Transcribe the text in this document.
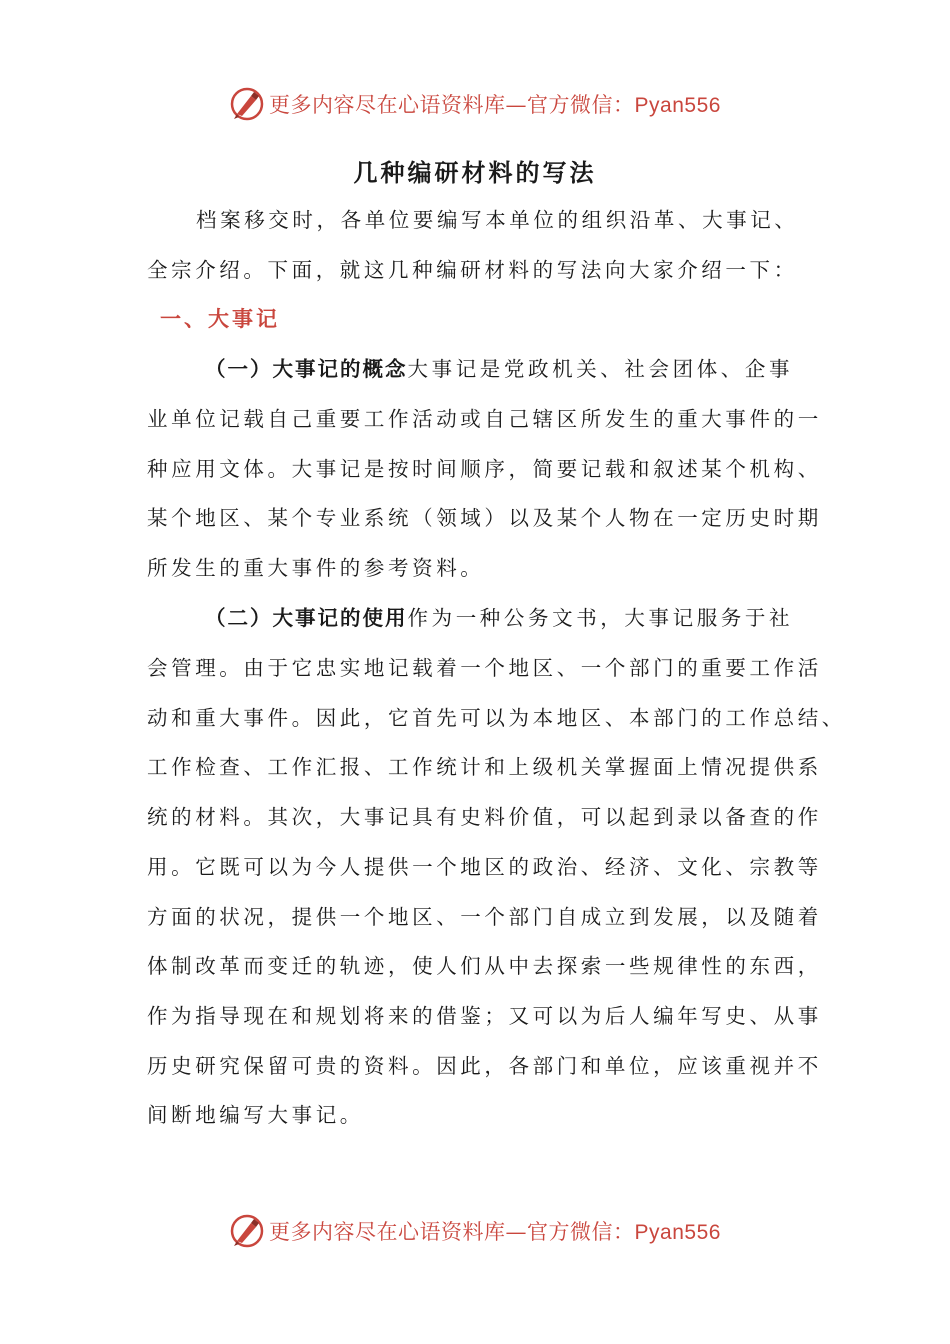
更多内容尽在心语资料库—官方微信：Pyan556
几种编研材料的写法
档案移交时，各单位要编写本单位的组织沿革、大事记、
全宗介绍。下面，就这几种编研材料的写法向大家介绍一下：
一、大事记
（一）大事记的概念大事记是党政机关、社会团体、企事
业单位记载自己重要工作活动或自己辖区所发生的重大事件的一
种应用文体。大事记是按时间顺序，简要记载和叙述某个机构、
某个地区、某个专业系统（领域）以及某个人物在一定历史时期
所发生的重大事件的参考资料。
（二）大事记的使用作为一种公务文书，大事记服务于社
会管理。由于它忠实地记载着一个地区、一个部门的重要工作活
动和重大事件。因此，它首先可以为本地区、本部门的工作总结、
工作检查、工作汇报、工作统计和上级机关掌握面上情况提供系
统的材料。其次，大事记具有史料价值，可以起到录以备查的作
用。它既可以为今人提供一个地区的政治、经济、文化、宗教等
方面的状况，提供一个地区、一个部门自成立到发展，以及随着
体制改革而变迁的轨迹，使人们从中去探索一些规律性的东西，
作为指导现在和规划将来的借鉴；又可以为后人编年写史、从事
历史研究保留可贵的资料。因此，各部门和单位，应该重视并不
间断地编写大事记。
更多内容尽在心语资料库—官方微信：Pyan556
